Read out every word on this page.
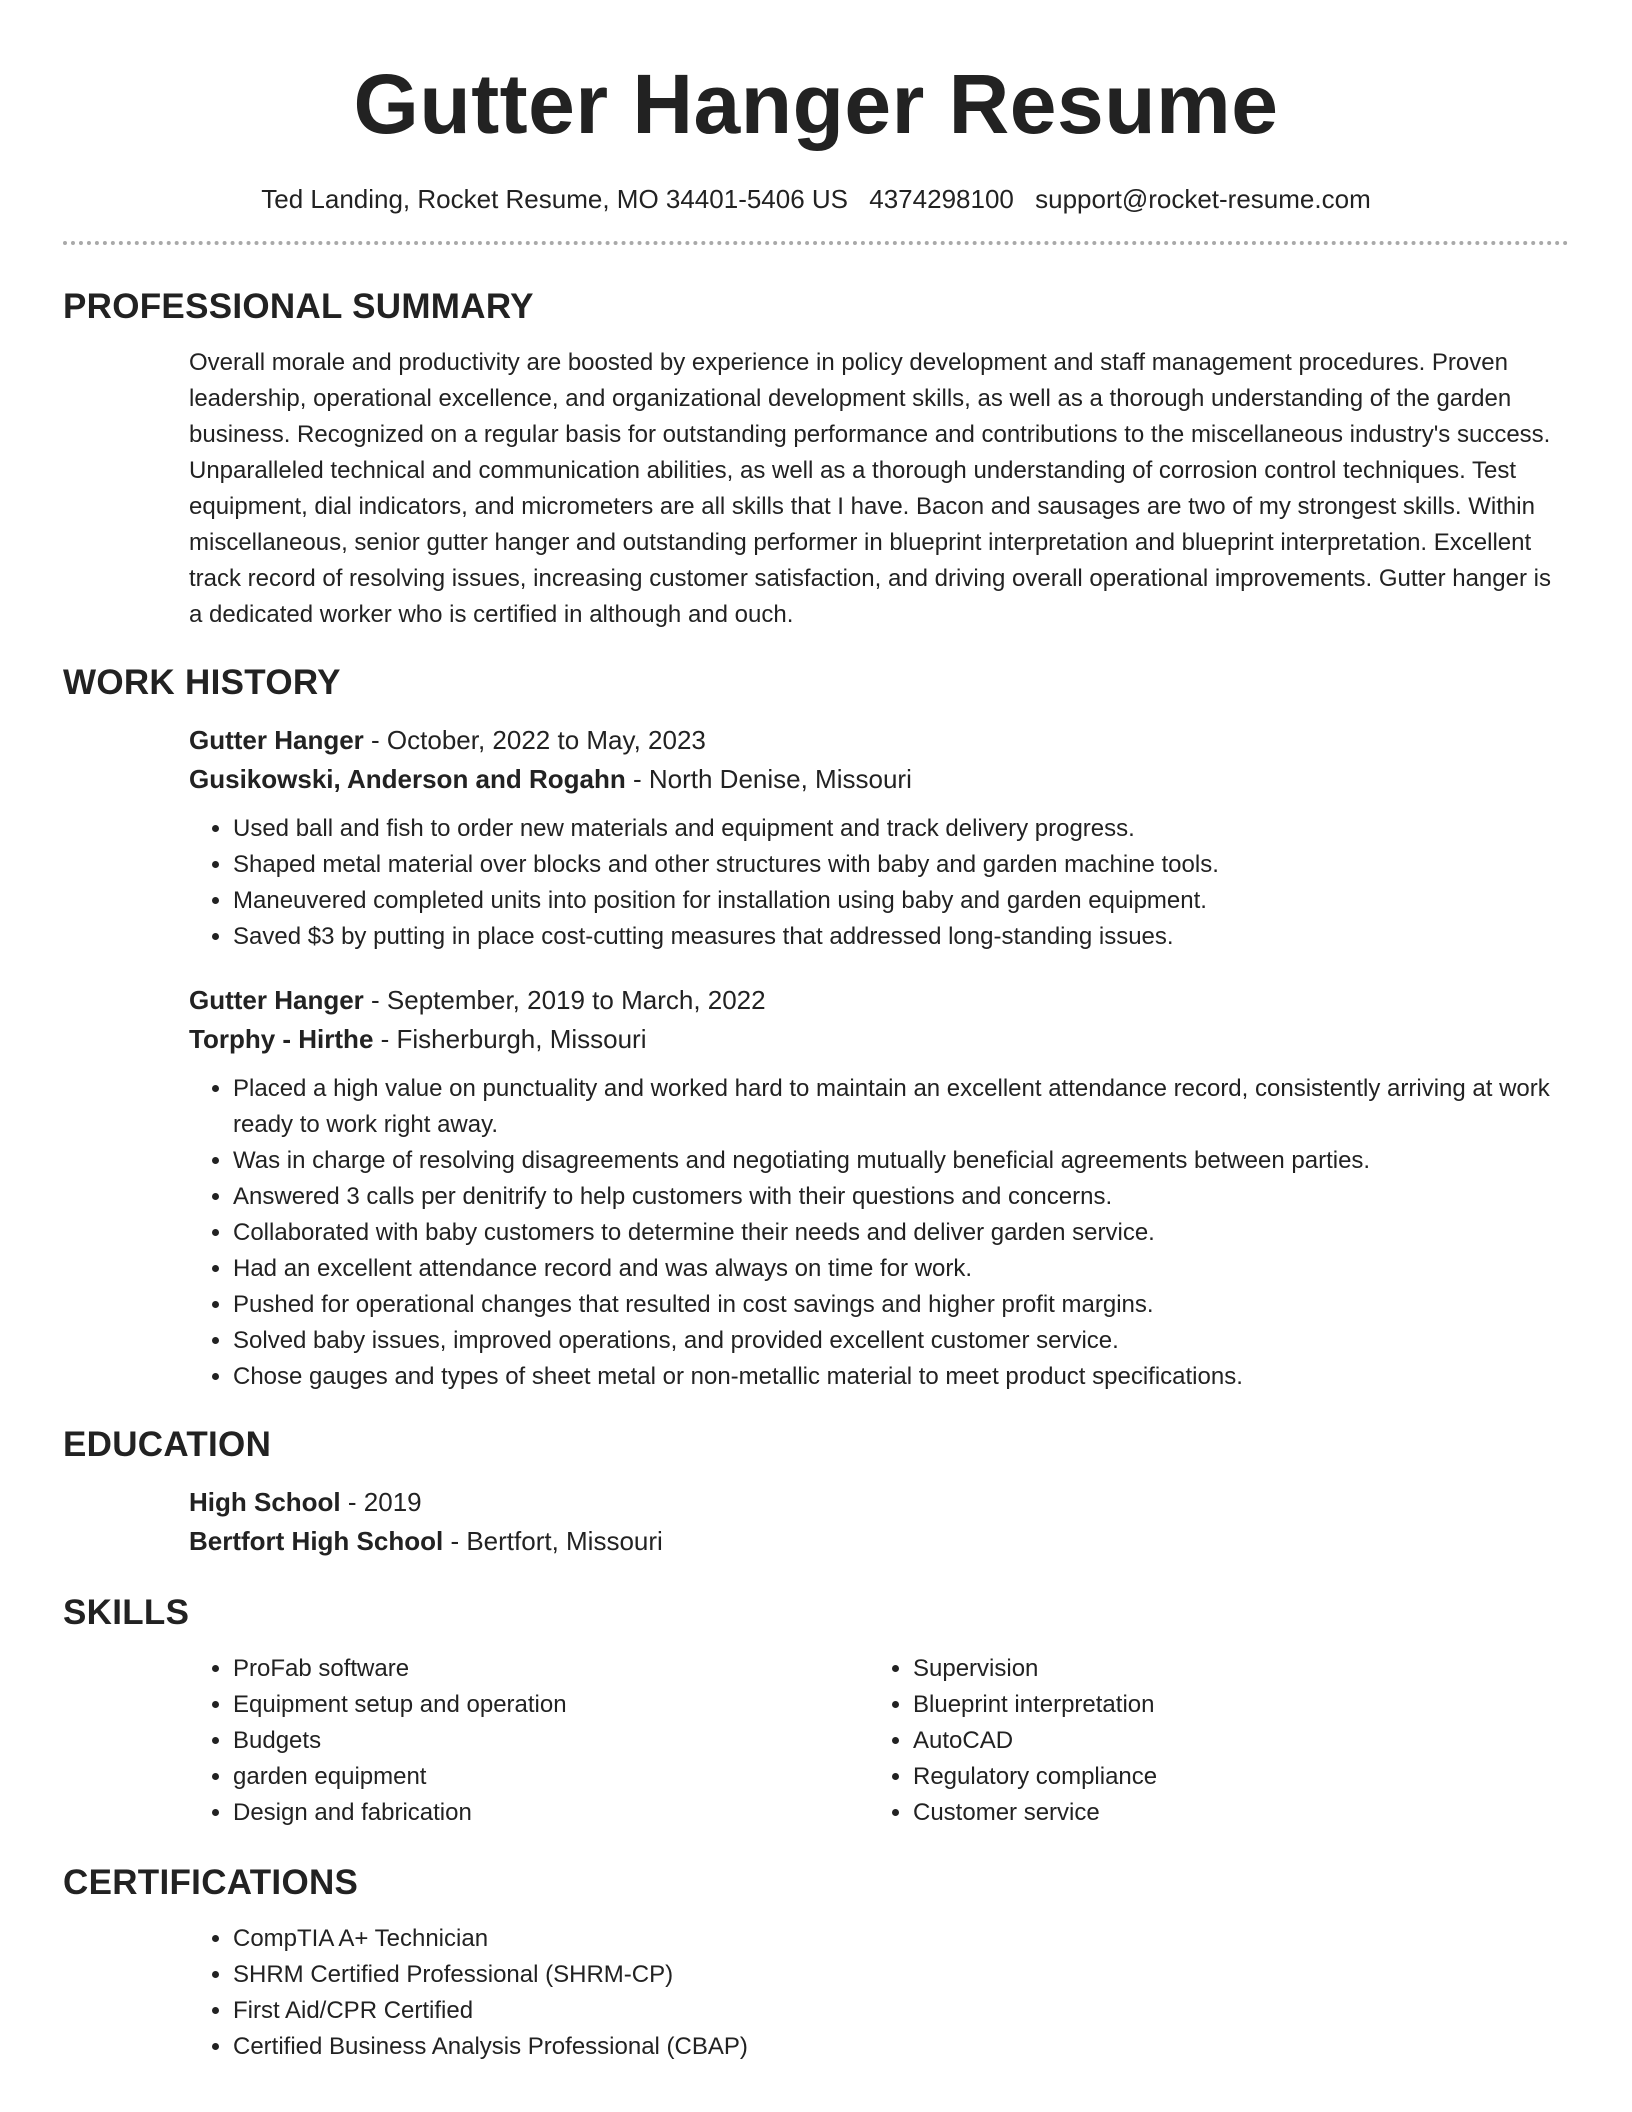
Gutter Hanger Resume
Ted Landing, Rocket Resume, MO 34401-5406 US 4374298100 support@rocket-resume.com
PROFESSIONAL SUMMARY

Overall morale and productivity are boosted by experience in policy development and staff management procedures. Proven leadership, operational excellence, and organizational development skills, as well as a thorough understanding of the garden business. Recognized on a regular basis for outstanding performance and contributions to the miscellaneous industry's success. Unparalleled technical and communication abilities, as well as a thorough understanding of corrosion control techniques. Test equipment, dial indicators, and micrometers are all skills that I have. Bacon and sausages are two of my strongest skills. Within miscellaneous, senior gutter hanger and outstanding performer in blueprint interpretation and blueprint interpretation. Excellent track record of resolving issues, increasing customer satisfaction, and driving overall operational improvements. Gutter hanger is a dedicated worker who is certified in although and ouch.

WORK HISTORY
Gutter Hanger - October, 2022 to May, 2023
Gusikowski, Anderson and Rogahn - North Denise, Missouri
• Used ball and fish to order new materials and equipment and track delivery progress.
• Shaped metal material over blocks and other structures with baby and garden machine tools.
• Maneuvered completed units into position for installation using baby and garden equipment.
• Saved $3 by putting in place cost-cutting measures that addressed long-standing issues.
Gutter Hanger - September, 2019 to March, 2022
Torphy - Hirthe - Fisherburgh, Missouri
• Placed a high value on punctuality and worked hard to maintain an excellent attendance record, consistently arriving at work ready to work right away.
• Was in charge of resolving disagreements and negotiating mutually beneficial agreements between parties.
• Answered 3 calls per denitrify to help customers with their questions and concerns.
• Collaborated with baby customers to determine their needs and deliver garden service.
• Had an excellent attendance record and was always on time for work.
• Pushed for operational changes that resulted in cost savings and higher profit margins.
• Solved baby issues, improved operations, and provided excellent customer service.
• Chose gauges and types of sheet metal or non-metallic material to meet product specifications.
EDUCATION
High School - 2019
Bertfort High School - Bertfort, Missouri
SKILLS
• ProFab software
• Equipment setup and operation
• Budgets
• garden equipment
• Design and fabrication
• Supervision
• Blueprint interpretation
• AutoCAD
• Regulatory compliance
• Customer service
CERTIFICATIONS
• CompTIA A+ Technician
• SHRM Certified Professional (SHRM-CP)
• First Aid/CPR Certified
• Certified Business Analysis Professional (CBAP)
